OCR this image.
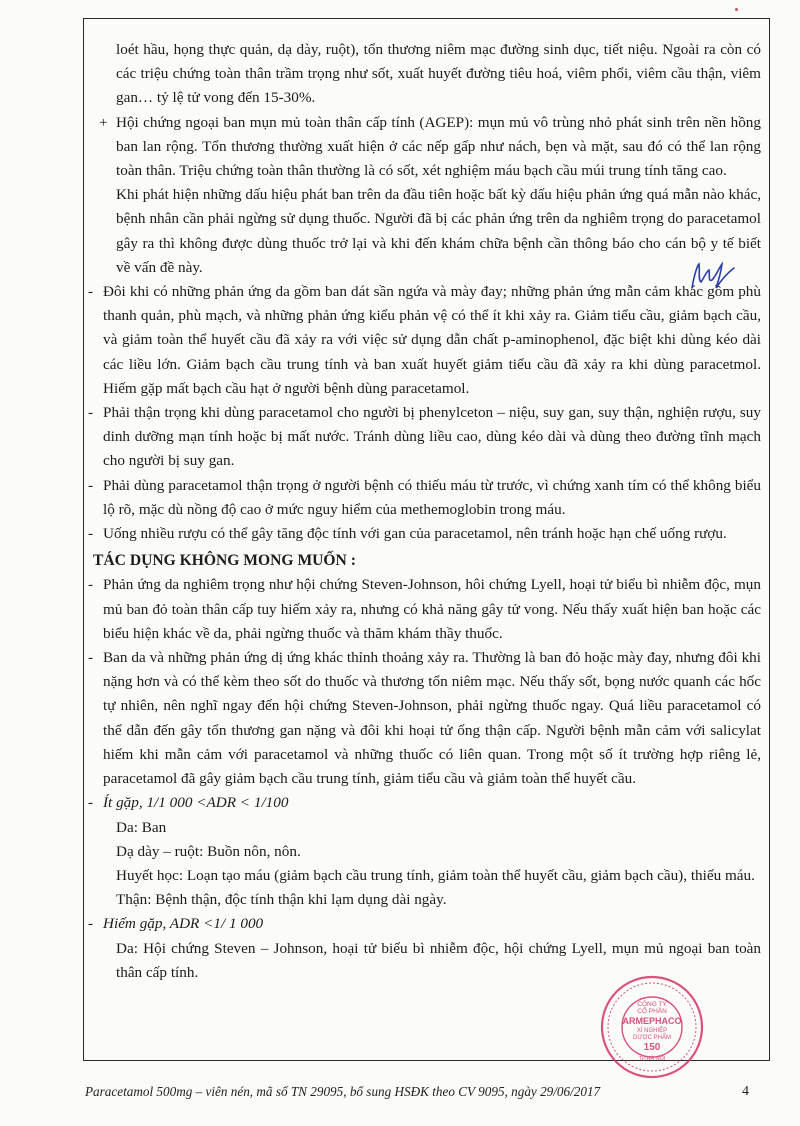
loét hầu, họng thực quản, dạ dày, ruột), tổn thương niêm mạc đường sinh dục, tiết niệu. Ngoài ra còn có các triệu chứng toàn thân trầm trọng như sốt, xuất huyết đường tiêu hoá, viêm phổi, viêm cầu thận, viêm gan… tỷ lệ tử vong đến 15-30%.

+ Hội chứng ngoại ban mụn mủ toàn thân cấp tính (AGEP): mụn mủ vô trùng nhỏ phát sinh trên nền hồng ban lan rộng. Tổn thương thường xuất hiện ở các nếp gấp như nách, bẹn và mặt, sau đó có thể lan rộng toàn thân. Triệu chứng toàn thân thường là có sốt, xét nghiệm máu bạch cầu múi trung tính tăng cao.

Khi phát hiện những dấu hiệu phát ban trên da đầu tiên hoặc bất kỳ dấu hiệu phản ứng quá mẫn nào khác, bệnh nhân cần phải ngừng sử dụng thuốc. Người đã bị các phản ứng trên da nghiêm trọng do paracetamol gây ra thì không được dùng thuốc trở lại và khi đến khám chữa bệnh cần thông báo cho cán bộ y tế biết về vấn đề này.

- Đôi khi có những phản ứng da gồm ban dát sần ngứa và mày đay; những phản ứng mẫn cảm khác gồm phù thanh quản, phù mạch, và những phản ứng kiểu phản vệ có thể ít khi xảy ra. Giảm tiểu cầu, giảm bạch cầu, và giảm toàn thể huyết cầu đã xảy ra với việc sử dụng dẫn chất p-aminophenol, đặc biệt khi dùng kéo dài các liều lớn. Giảm bạch cầu trung tính và ban xuất huyết giảm tiểu cầu đã xảy ra khi dùng paracetmol. Hiếm gặp mất bạch cầu hạt ở người bệnh dùng paracetamol.

- Phải thận trọng khi dùng paracetamol cho người bị phenylceton – niệu, suy gan, suy thận, nghiện rượu, suy dinh dưỡng mạn tính hoặc bị mất nước. Tránh dùng liều cao, dùng kéo dài và dùng theo đường tĩnh mạch cho người bị suy gan.

- Phải dùng paracetamol thận trọng ở người bệnh có thiếu máu từ trước, vì chứng xanh tím có thể không biểu lộ rõ, mặc dù nồng độ cao ở mức nguy hiểm của methemoglobin trong máu.

- Uống nhiều rượu có thể gây tăng độc tính với gan của paracetamol, nên tránh hoặc hạn chế uống rượu.

TÁC DỤNG KHÔNG MONG MUỐN :

- Phản ứng da nghiêm trọng như hội chứng Steven-Johnson, hôi chứng Lyell, hoại tử biểu bì nhiễm độc, mụn mủ ban đỏ toàn thân cấp tuy hiếm xảy ra, nhưng có khả năng gây tử vong. Nếu thấy xuất hiện ban hoặc các biểu hiện khác về da, phải ngừng thuốc và thăm khám thầy thuốc.

- Ban da và những phản ứng dị ứng khác thỉnh thoảng xảy ra. Thường là ban đỏ hoặc mày đay, nhưng đôi khi nặng hơn và có thể kèm theo sốt do thuốc và thương tổn niêm mạc. Nếu thấy sốt, bọng nước quanh các hốc tự nhiên, nên nghĩ ngay đến hội chứng Steven-Johnson, phải ngừng thuốc ngay. Quá liều paracetamol có thể dẫn đến gây tổn thương gan nặng và đôi khi hoại tử ống thận cấp. Người bệnh mẫn cảm với salicylat hiếm khi mẫn cảm với paracetamol và những thuốc có liên quan. Trong một số ít trường hợp riêng lẻ, paracetamol đã gây giảm bạch cầu trung tính, giảm tiểu cầu và giảm toàn thể huyết cầu.

- Ít gặp, 1/1 000 <ADR < 1/100

Da: Ban

Dạ dày – ruột: Buồn nôn, nôn.

Huyết học: Loạn tạo máu (giảm bạch cầu trung tính, giảm toàn thể huyết cầu, giảm bạch cầu), thiếu máu.

Thận: Bệnh thận, độc tính thận khi lạm dụng dài ngày.

- Hiếm gặp, ADR <1/ 1 000

Da: Hội chứng Steven – Johnson, hoại tử biểu bì nhiễm độc, hội chứng Lyell, mụn mủ ngoại ban toàn thân cấp tính.

CÔNG TY
CỔ PHẦN
ARMEPHACO
XÍ NGHIỆP
DƯỢC PHẨM
150
TP.HÀ NỘI
Paracetamol 500mg – viên nén, mã số TN 29095, bổ sung HSĐK theo CV 9095, ngày 29/06/2017	4
